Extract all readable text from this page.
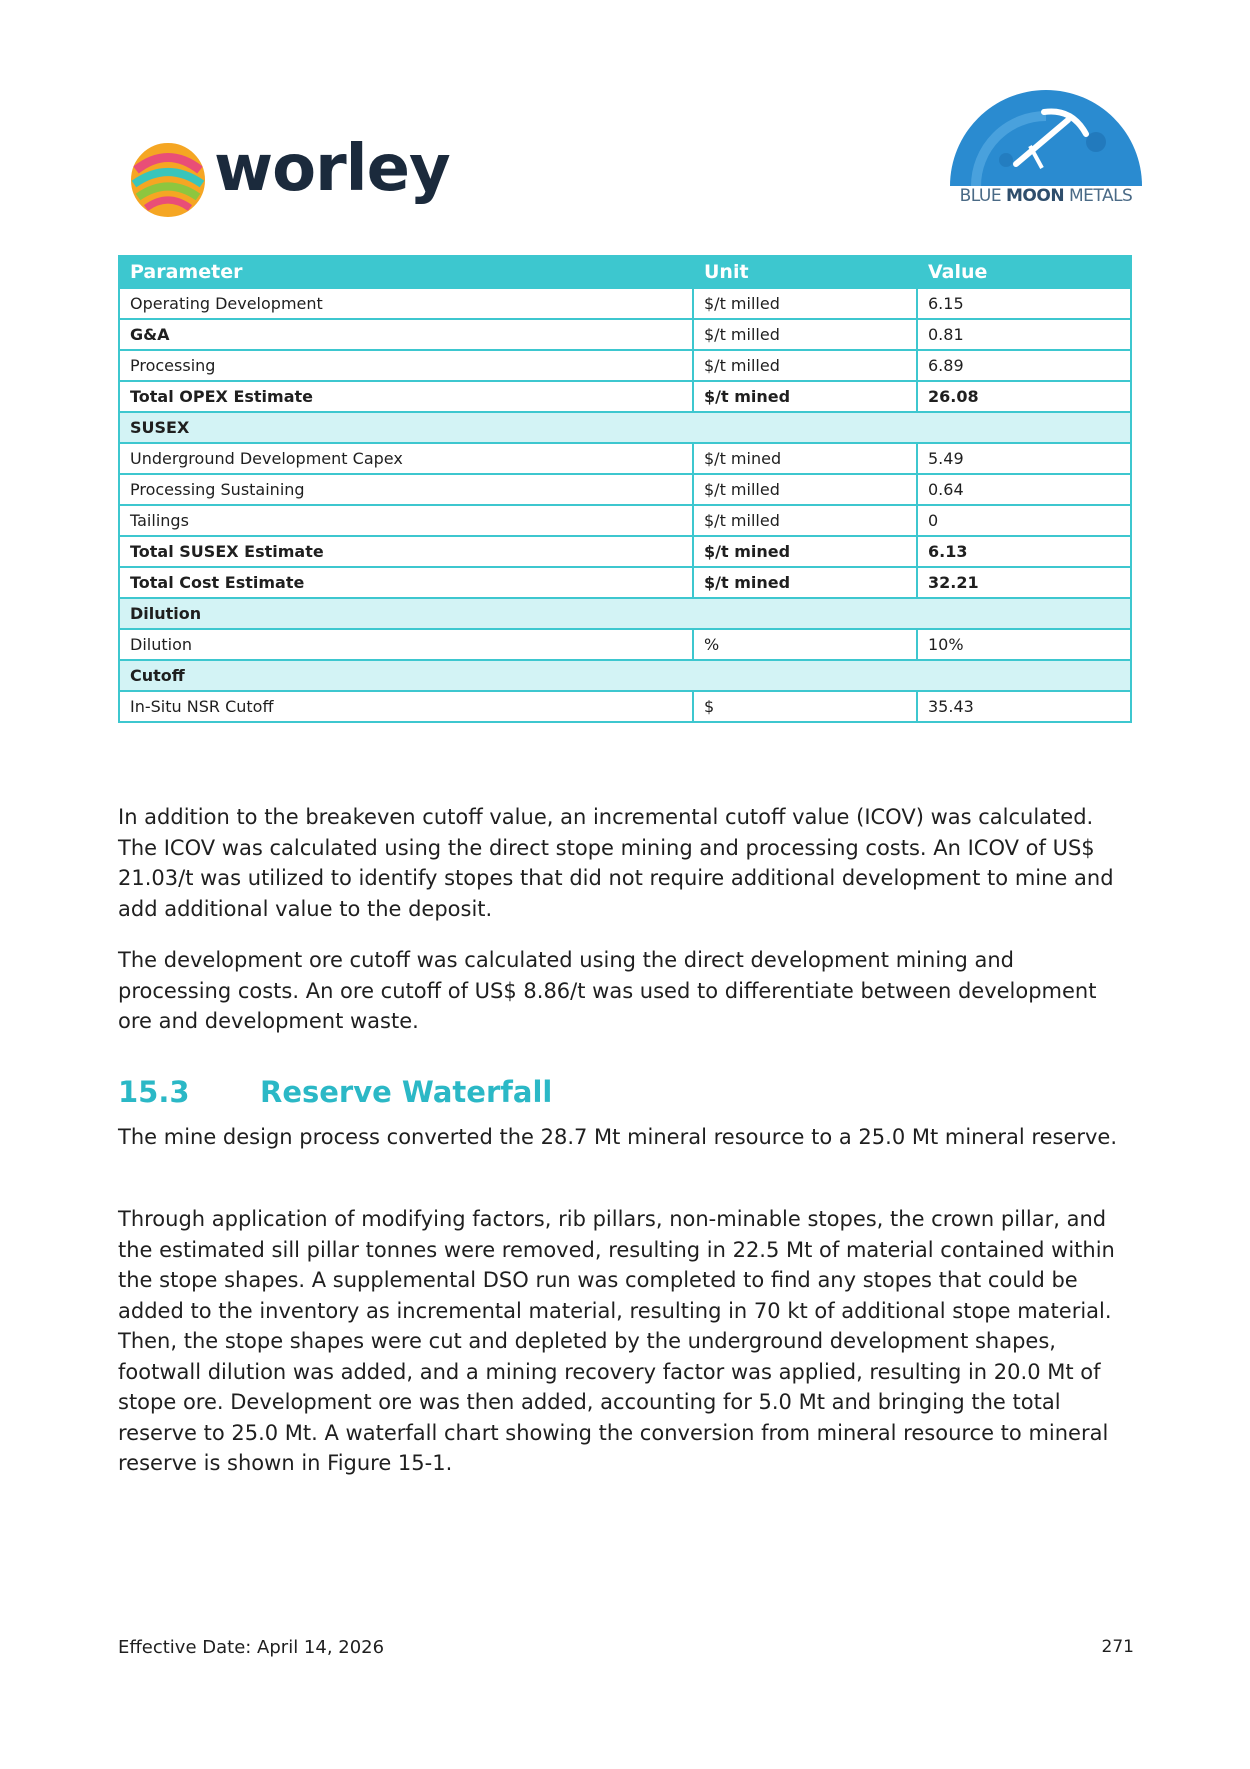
worley	BLUE MOON METALS
Parameter	Unit	Value
Operating Development	$/t milled	6.15
G&A	$/t milled	0.81
Processing	$/t milled	6.89
Total OPEX Estimate	$/t mined	26.08
SUSEX		
Underground Development Capex	$/t mined	5.49
Processing Sustaining	$/t milled	0.64
Tailings	$/t milled	0
Total SUSEX Estimate	$/t mined	6.13
Total Cost Estimate	$/t mined	32.21
Dilution		
Dilution	%	10%
Cutoff		
In-Situ NSR Cutoff	$	35.43

In addition to the breakeven cutoff value, an incremental cutoff value (ICOV) was calculated. The ICOV was calculated using the direct stope mining and processing costs. An ICOV of US$ 21.03/t was utilized to identify stopes that did not require additional development to mine and add additional value to the deposit.

The development ore cutoff was calculated using the direct development mining and processing costs. An ore cutoff of US$ 8.86/t was used to differentiate between development ore and development waste.

15.3 Reserve Waterfall

The mine design process converted the 28.7 Mt mineral resource to a 25.0 Mt mineral reserve.

Through application of modifying factors, rib pillars, non-minable stopes, the crown pillar, and the estimated sill pillar tonnes were removed, resulting in 22.5 Mt of material contained within the stope shapes. A supplemental DSO run was completed to find any stopes that could be added to the inventory as incremental material, resulting in 70 kt of additional stope material. Then, the stope shapes were cut and depleted by the underground development shapes, footwall dilution was added, and a mining recovery factor was applied, resulting in 20.0 Mt of stope ore. Development ore was then added, accounting for 5.0 Mt and bringing the total reserve to 25.0 Mt. A waterfall chart showing the conversion from mineral resource to mineral reserve is shown in Figure 15-1.

Effective Date: April 14, 2026	271
